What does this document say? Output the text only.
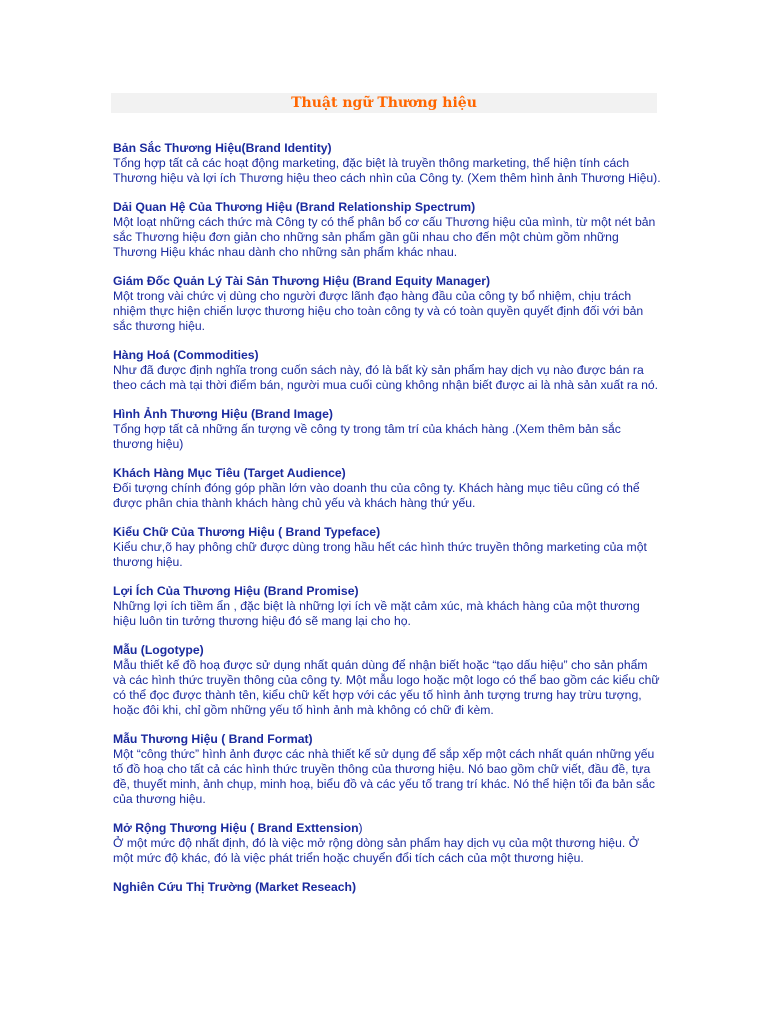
Thuật ngữ Thương hiệu

Bản Sắc Thương Hiệu(Brand Identity)

Tổng hợp tất cả các hoạt động marketing, đặc biệt là truyền thông marketing, thể hiện tính cách Thương hiệu và lợi ích Thương hiệu theo cách nhìn của Công ty. (Xem thêm hình ảnh Thương Hiệu).

Dải Quan Hệ Của Thương Hiệu (Brand Relationship Spectrum)

Một loạt những cách thức mà Công ty có thể phân bổ cơ cấu Thương hiệu của mình, từ một nét bản sắc Thương hiệu đơn giản cho những sản phẩm gần gũi nhau cho đến một chùm gồm những Thương Hiệu khác nhau dành cho những sản phẩm khác nhau.

Giám Đốc Quản Lý Tài Sản Thương Hiệu (Brand Equity Manager)

Một trong vài chức vị dùng cho người được lãnh đạo hàng đầu của công ty bổ nhiệm, chịu trách nhiệm thực hiện chiến lược thương hiệu cho toàn công ty và có toàn quyền quyết định đối với bản sắc thương hiệu.

Hàng Hoá (Commodities)

Như đã được định nghĩa trong cuốn sách này, đó là bất kỳ sản phẩm hay dịch vụ nào được bán ra theo cách mà tại thời điểm bán, người mua cuối cùng không nhận biết được ai là nhà sản xuất ra nó.

Hình Ảnh Thương Hiệu (Brand Image)

Tổng hợp tất cả những ấn tượng về công ty trong tâm trí của khách hàng .(Xem thêm bản sắc thương hiệu)

Khách Hàng Mục Tiêu (Target Audience)

Đối tượng chính đóng góp phần lớn vào doanh thu của công ty. Khách hàng mục tiêu cũng có thể được phân chia thành khách hàng chủ yếu và khách hàng thứ yếu.

Kiểu Chữ Của Thương Hiệu ( Brand Typeface)

Kiểu chư,õ hay phông chữ được dùng trong hầu hết các hình thức truyền thông marketing của một thương hiệu.

Lợi Ích Của Thương Hiệu (Brand Promise)

Những lợi ích tiềm ẩn , đặc biệt là những lợi ích về mặt cảm xúc, mà khách hàng của một thương hiệu luôn tin tưởng thương hiệu đó sẽ mang lại cho họ.

Mẫu (Logotype)

Mẫu thiết kế đồ hoạ được sử dụng nhất quán dùng để nhận biết hoặc “tạo dấu hiệu” cho sản phẩm và các hình thức truyền thông của công ty. Một mẫu logo hoặc một logo có thể bao gồm các kiểu chữ có thể đọc được thành tên, kiểu chữ kết hợp với các yếu tố hình ảnh tượng trưng hay trừu tượng, hoặc đôi khi, chỉ gồm những yếu tố hình ảnh mà không có chữ đi kèm.

Mẫu Thương Hiệu ( Brand Format)

Một “công thức” hình ảnh được các nhà thiết kế sử dụng để sắp xếp một cách nhất quán những yếu tố đồ hoạ cho tất cả các hình thức truyền thông của thương hiệu. Nó bao gồm chữ viết, đầu đề, tựa đề, thuyết minh, ảnh chụp, minh hoạ, biểu đồ và các yếu tố trang trí khác. Nó thể hiện tối đa bản sắc của thương hiệu.

Mở Rộng Thương Hiệu ( Brand Exttension)

Ở một mức độ nhất định, đó là việc mở rộng dòng sản phẩm hay dịch vụ của một thương hiệu. Ở một mức độ khác, đó là việc phát triển hoặc chuyển đổi tích cách của một thương hiệu.

Nghiên Cứu Thị Trường (Market Reseach)
